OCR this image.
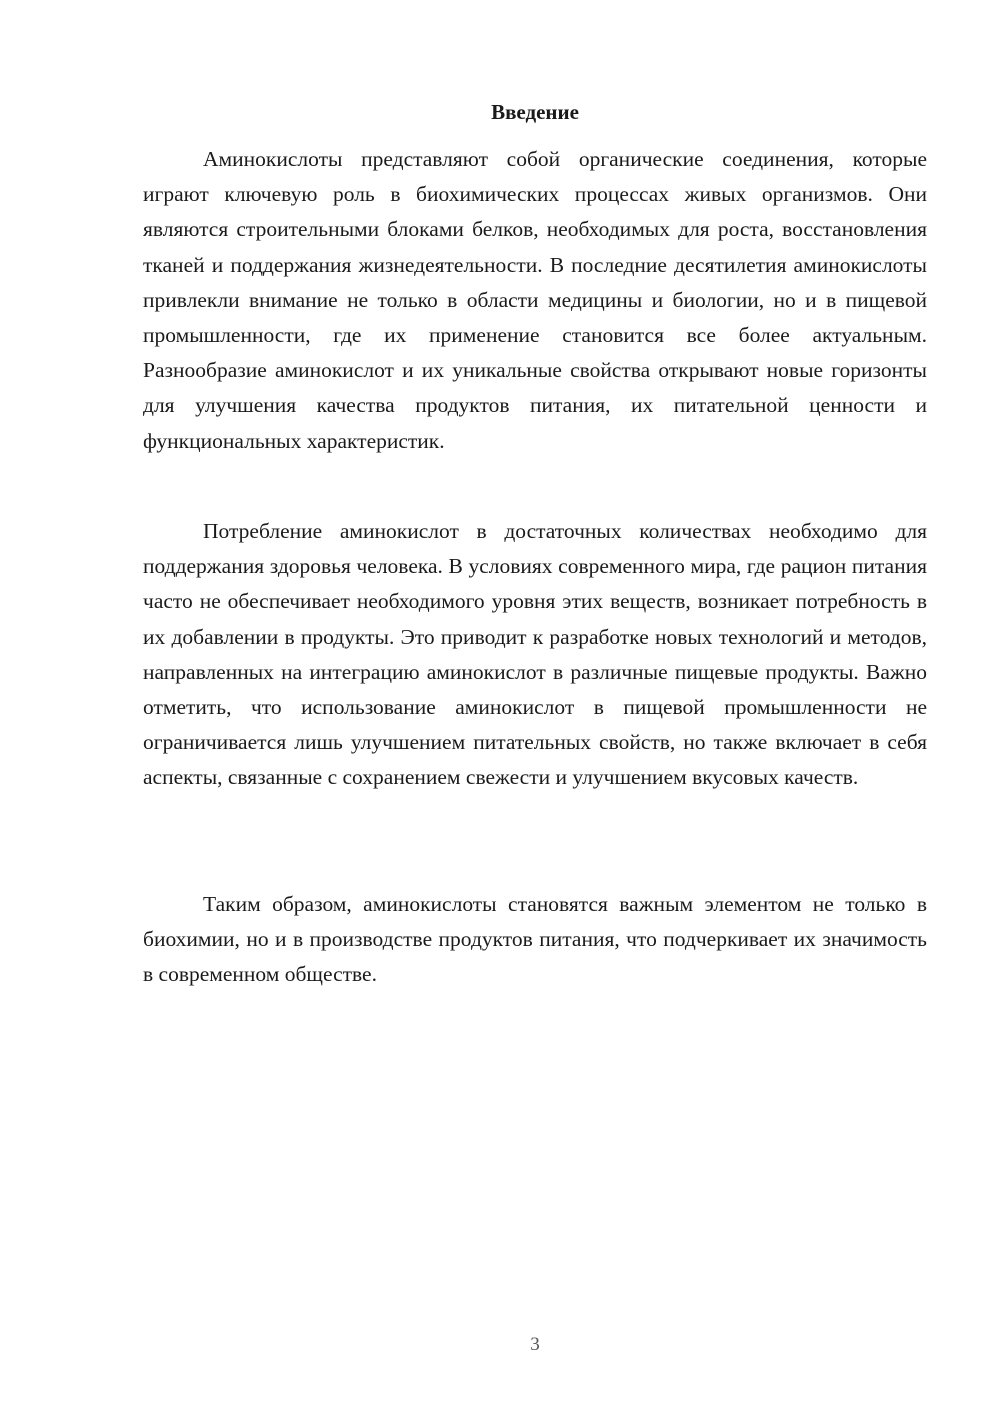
Введение

Аминокислоты представляют собой органические соединения, которые играют ключевую роль в биохимических процессах живых организмов. Они являются строительными блоками белков, необходимых для роста, восстановления тканей и поддержания жизнедеятельности. В последние десятилетия аминокислоты привлекли внимание не только в области медицины и биологии, но и в пищевой промышленности, где их применение становится все более актуальным. Разнообразие аминокислот и их уникальные свойства открывают новые горизонты для улучшения качества продуктов питания, их питательной ценности и функциональных характеристик.

Потребление аминокислот в достаточных количествах необходимо для поддержания здоровья человека. В условиях современного мира, где рацион питания часто не обеспечивает необходимого уровня этих веществ, возникает потребность в их добавлении в продукты. Это приводит к разработке новых технологий и методов, направленных на интеграцию аминокислот в различные пищевые продукты. Важно отметить, что использование аминокислот в пищевой промышленности не ограничивается лишь улучшением питательных свойств, но также включает в себя аспекты, связанные с сохранением свежести и улучшением вкусовых качеств.

Таким образом, аминокислоты становятся важным элементом не только в биохимии, но и в производстве продуктов питания, что подчеркивает их значимость в современном обществе.

3
